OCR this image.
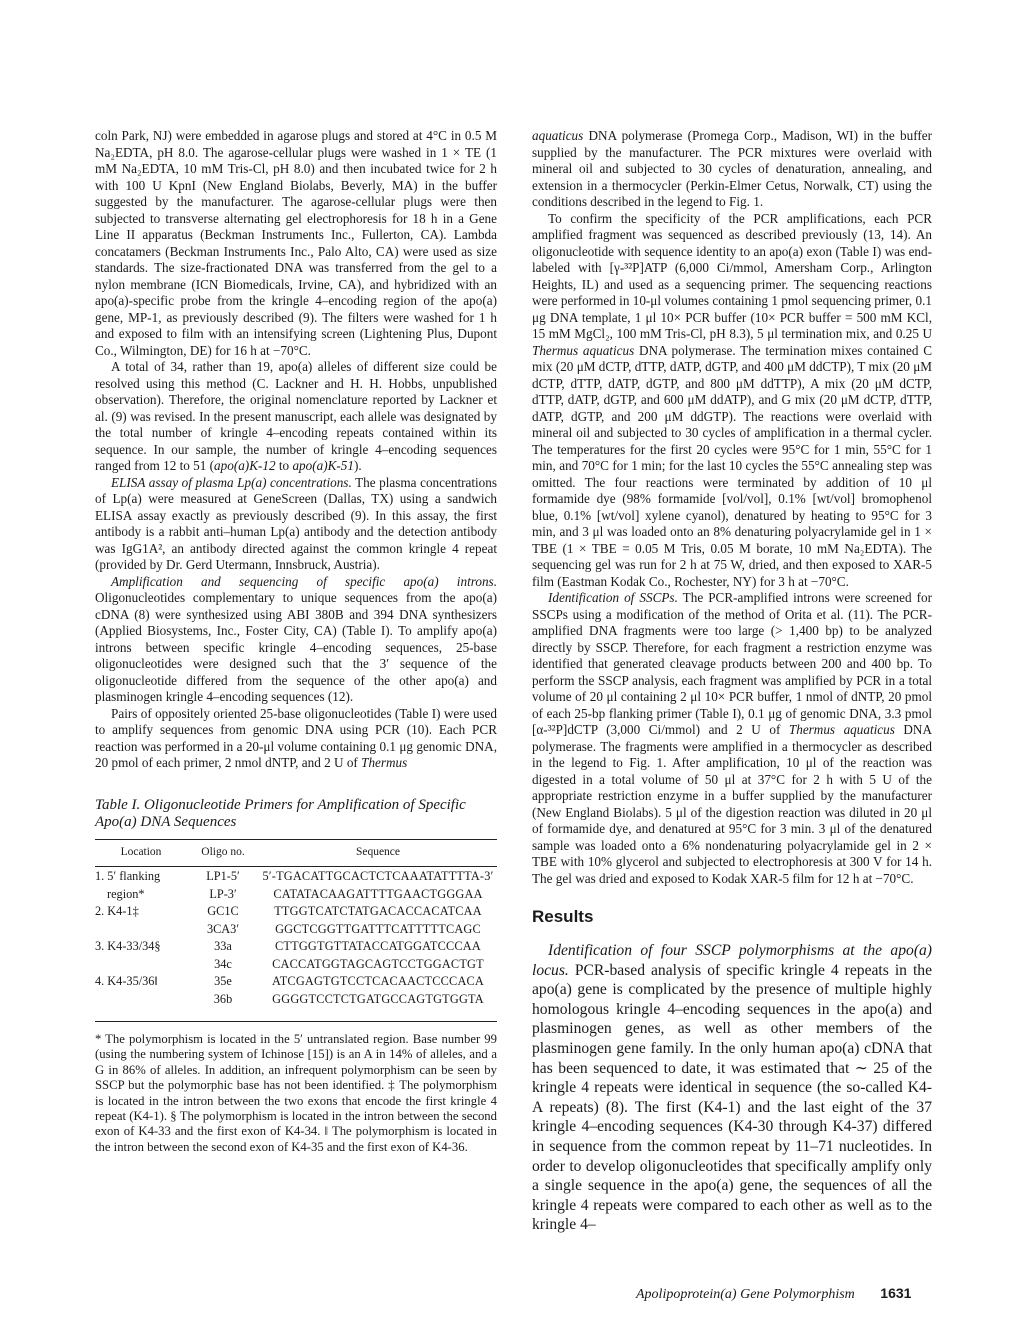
coln Park, NJ) were embedded in agarose plugs and stored at 4°C in 0.5 M Na₂EDTA, pH 8.0. The agarose-cellular plugs were washed in 1 × TE (1 mM Na₂EDTA, 10 mM Tris-Cl, pH 8.0) and then incubated twice for 2 h with 100 U KpnI (New England Biolabs, Beverly, MA) in the buffer suggested by the manufacturer. The agarose-cellular plugs were then subjected to transverse alternating gel electrophoresis for 18 h in a Gene Line II apparatus (Beckman Instruments Inc., Fullerton, CA). Lambda concatamers (Beckman Instruments Inc., Palo Alto, CA) were used as size standards. The size-fractionated DNA was transferred from the gel to a nylon membrane (ICN Biomedicals, Irvine, CA), and hybridized with an apo(a)-specific probe from the kringle 4–encoding region of the apo(a) gene, MP-1, as previously described (9). The filters were washed for 1 h and exposed to film with an intensifying screen (Lightening Plus, Dupont Co., Wilmington, DE) for 16 h at −70°C.

A total of 34, rather than 19, apo(a) alleles of different size could be resolved using this method (C. Lackner and H. H. Hobbs, unpublished observation). Therefore, the original nomenclature reported by Lackner et al. (9) was revised. In the present manuscript, each allele was designated by the total number of kringle 4–encoding repeats contained within its sequence. In our sample, the number of kringle 4–encoding sequences ranged from 12 to 51 (apo(a)K-12 to apo(a)K-51).

ELISA assay of plasma Lp(a) concentrations. The plasma concentrations of Lp(a) were measured at GeneScreen (Dallas, TX) using a sandwich ELISA assay exactly as previously described (9). In this assay, the first antibody is a rabbit anti–human Lp(a) antibody and the detection antibody was IgG1A², an antibody directed against the common kringle 4 repeat (provided by Dr. Gerd Utermann, Innsbruck, Austria).

Amplification and sequencing of specific apo(a) introns. Oligonucleotides complementary to unique sequences from the apo(a) cDNA (8) were synthesized using ABI 380B and 394 DNA synthesizers (Applied Biosystems, Inc., Foster City, CA) (Table I). To amplify apo(a) introns between specific kringle 4–encoding sequences, 25-base oligonucleotides were designed such that the 3′ sequence of the oligonucleotide differed from the sequence of the other apo(a) and plasminogen kringle 4–encoding sequences (12).

Pairs of oppositely oriented 25-base oligonucleotides (Table I) were used to amplify sequences from genomic DNA using PCR (10). Each PCR reaction was performed in a 20-μl volume containing 0.1 μg genomic DNA, 20 pmol of each primer, 2 nmol dNTP, and 2 U of Thermus

Table I. Oligonucleotide Primers for Amplification of Specific Apo(a) DNA Sequences
Location	Oligo no.	Sequence
1. 5′ flanking	LP1-5′	5′-TGACATTGCACTCTCAAATATTTTA-3′
region*	LP-3′	CATATACAAGATTTTGAACTGGGAA
2. K4-1‡	GC1C	TTGGTCATCTATGACACCACATCAA
	3CA3′	GGCTCGGTTGATTTCATTTTTCAGC
3. K4-33/34§	33a	CTTGGTGTTATACCATGGATCCCAA
	34c	CACCATGGTAGCAGTCCTGGACTGT
4. K4-35/36‖	35e	ATCGAGTGTCCTCACAACTCCCACA
	36b	GGGGTCCTCTGATGCCAGTGTGGTA
* The polymorphism is located in the 5′ untranslated region. Base number 99 (using the numbering system of Ichinose [15]) is an A in 14% of alleles, and a G in 86% of alleles. In addition, an infrequent polymorphism can be seen by SSCP but the polymorphic base has not been identified. ‡ The polymorphism is located in the intron between the two exons that encode the first kringle 4 repeat (K4-1). § The polymorphism is located in the intron between the second exon of K4-33 and the first exon of K4-34. ‖ The polymorphism is located in the intron between the second exon of K4-35 and the first exon of K4-36.

aquaticus DNA polymerase (Promega Corp., Madison, WI) in the buffer supplied by the manufacturer. The PCR mixtures were overlaid with mineral oil and subjected to 30 cycles of denaturation, annealing, and extension in a thermocycler (Perkin-Elmer Cetus, Norwalk, CT) using the conditions described in the legend to Fig. 1.

To confirm the specificity of the PCR amplifications, each PCR amplified fragment was sequenced as described previously (13, 14). An oligonucleotide with sequence identity to an apo(a) exon (Table I) was end-labeled with [γ-³²P]ATP (6,000 Ci/mmol, Amersham Corp., Arlington Heights, IL) and used as a sequencing primer. The sequencing reactions were performed in 10-μl volumes containing 1 pmol sequencing primer, 0.1 μg DNA template, 1 μl 10× PCR buffer (10× PCR buffer = 500 mM KCl, 15 mM MgCl₂, 100 mM Tris-Cl, pH 8.3), 5 μl termination mix, and 0.25 U Thermus aquaticus DNA polymerase. The termination mixes contained C mix (20 μM dCTP, dTTP, dATP, dGTP, and 400 μM ddCTP), T mix (20 μM dCTP, dTTP, dATP, dGTP, and 800 μM ddTTP), A mix (20 μM dCTP, dTTP, dATP, dGTP, and 600 μM ddATP), and G mix (20 μM dCTP, dTTP, dATP, dGTP, and 200 μM ddGTP). The reactions were overlaid with mineral oil and subjected to 30 cycles of amplification in a thermal cycler. The temperatures for the first 20 cycles were 95°C for 1 min, 55°C for 1 min, and 70°C for 1 min; for the last 10 cycles the 55°C annealing step was omitted. The four reactions were terminated by addition of 10 μl formamide dye (98% formamide [vol/vol], 0.1% [wt/vol] bromophenol blue, 0.1% [wt/vol] xylene cyanol), denatured by heating to 95°C for 3 min, and 3 μl was loaded onto an 8% denaturing polyacrylamide gel in 1 × TBE (1 × TBE = 0.05 M Tris, 0.05 M borate, 10 mM Na₂EDTA). The sequencing gel was run for 2 h at 75 W, dried, and then exposed to XAR-5 film (Eastman Kodak Co., Rochester, NY) for 3 h at −70°C.

Identification of SSCPs. The PCR-amplified introns were screened for SSCPs using a modification of the method of Orita et al. (11). The PCR-amplified DNA fragments were too large (> 1,400 bp) to be analyzed directly by SSCP. Therefore, for each fragment a restriction enzyme was identified that generated cleavage products between 200 and 400 bp. To perform the SSCP analysis, each fragment was amplified by PCR in a total volume of 20 μl containing 2 μl 10× PCR buffer, 1 nmol of dNTP, 20 pmol of each 25-bp flanking primer (Table I), 0.1 μg of genomic DNA, 3.3 pmol [α-³²P]dCTP (3,000 Ci/mmol) and 2 U of Thermus aquaticus DNA polymerase. The fragments were amplified in a thermocycler as described in the legend to Fig. 1. After amplification, 10 μl of the reaction was digested in a total volume of 50 μl at 37°C for 2 h with 5 U of the appropriate restriction enzyme in a buffer supplied by the manufacturer (New England Biolabs). 5 μl of the digestion reaction was diluted in 20 μl of formamide dye, and denatured at 95°C for 3 min. 3 μl of the denatured sample was loaded onto a 6% nondenaturing polyacrylamide gel in 2 × TBE with 10% glycerol and subjected to electrophoresis at 300 V for 14 h. The gel was dried and exposed to Kodak XAR-5 film for 12 h at −70°C.

Results

Identification of four SSCP polymorphisms at the apo(a) locus. PCR-based analysis of specific kringle 4 repeats in the apo(a) gene is complicated by the presence of multiple highly homologous kringle 4–encoding sequences in the apo(a) and plasminogen genes, as well as other members of the plasminogen gene family. In the only human apo(a) cDNA that has been sequenced to date, it was estimated that ∼ 25 of the kringle 4 repeats were identical in sequence (the so-called K4-A repeats) (8). The first (K4-1) and the last eight of the 37 kringle 4–encoding sequences (K4-30 through K4-37) differed in sequence from the common repeat by 11–71 nucleotides. In order to develop oligonucleotides that specifically amplify only a single sequence in the apo(a) gene, the sequences of all the kringle 4 repeats were compared to each other as well as to the kringle 4–

Apolipoprotein(a) Gene Polymorphism 1631
